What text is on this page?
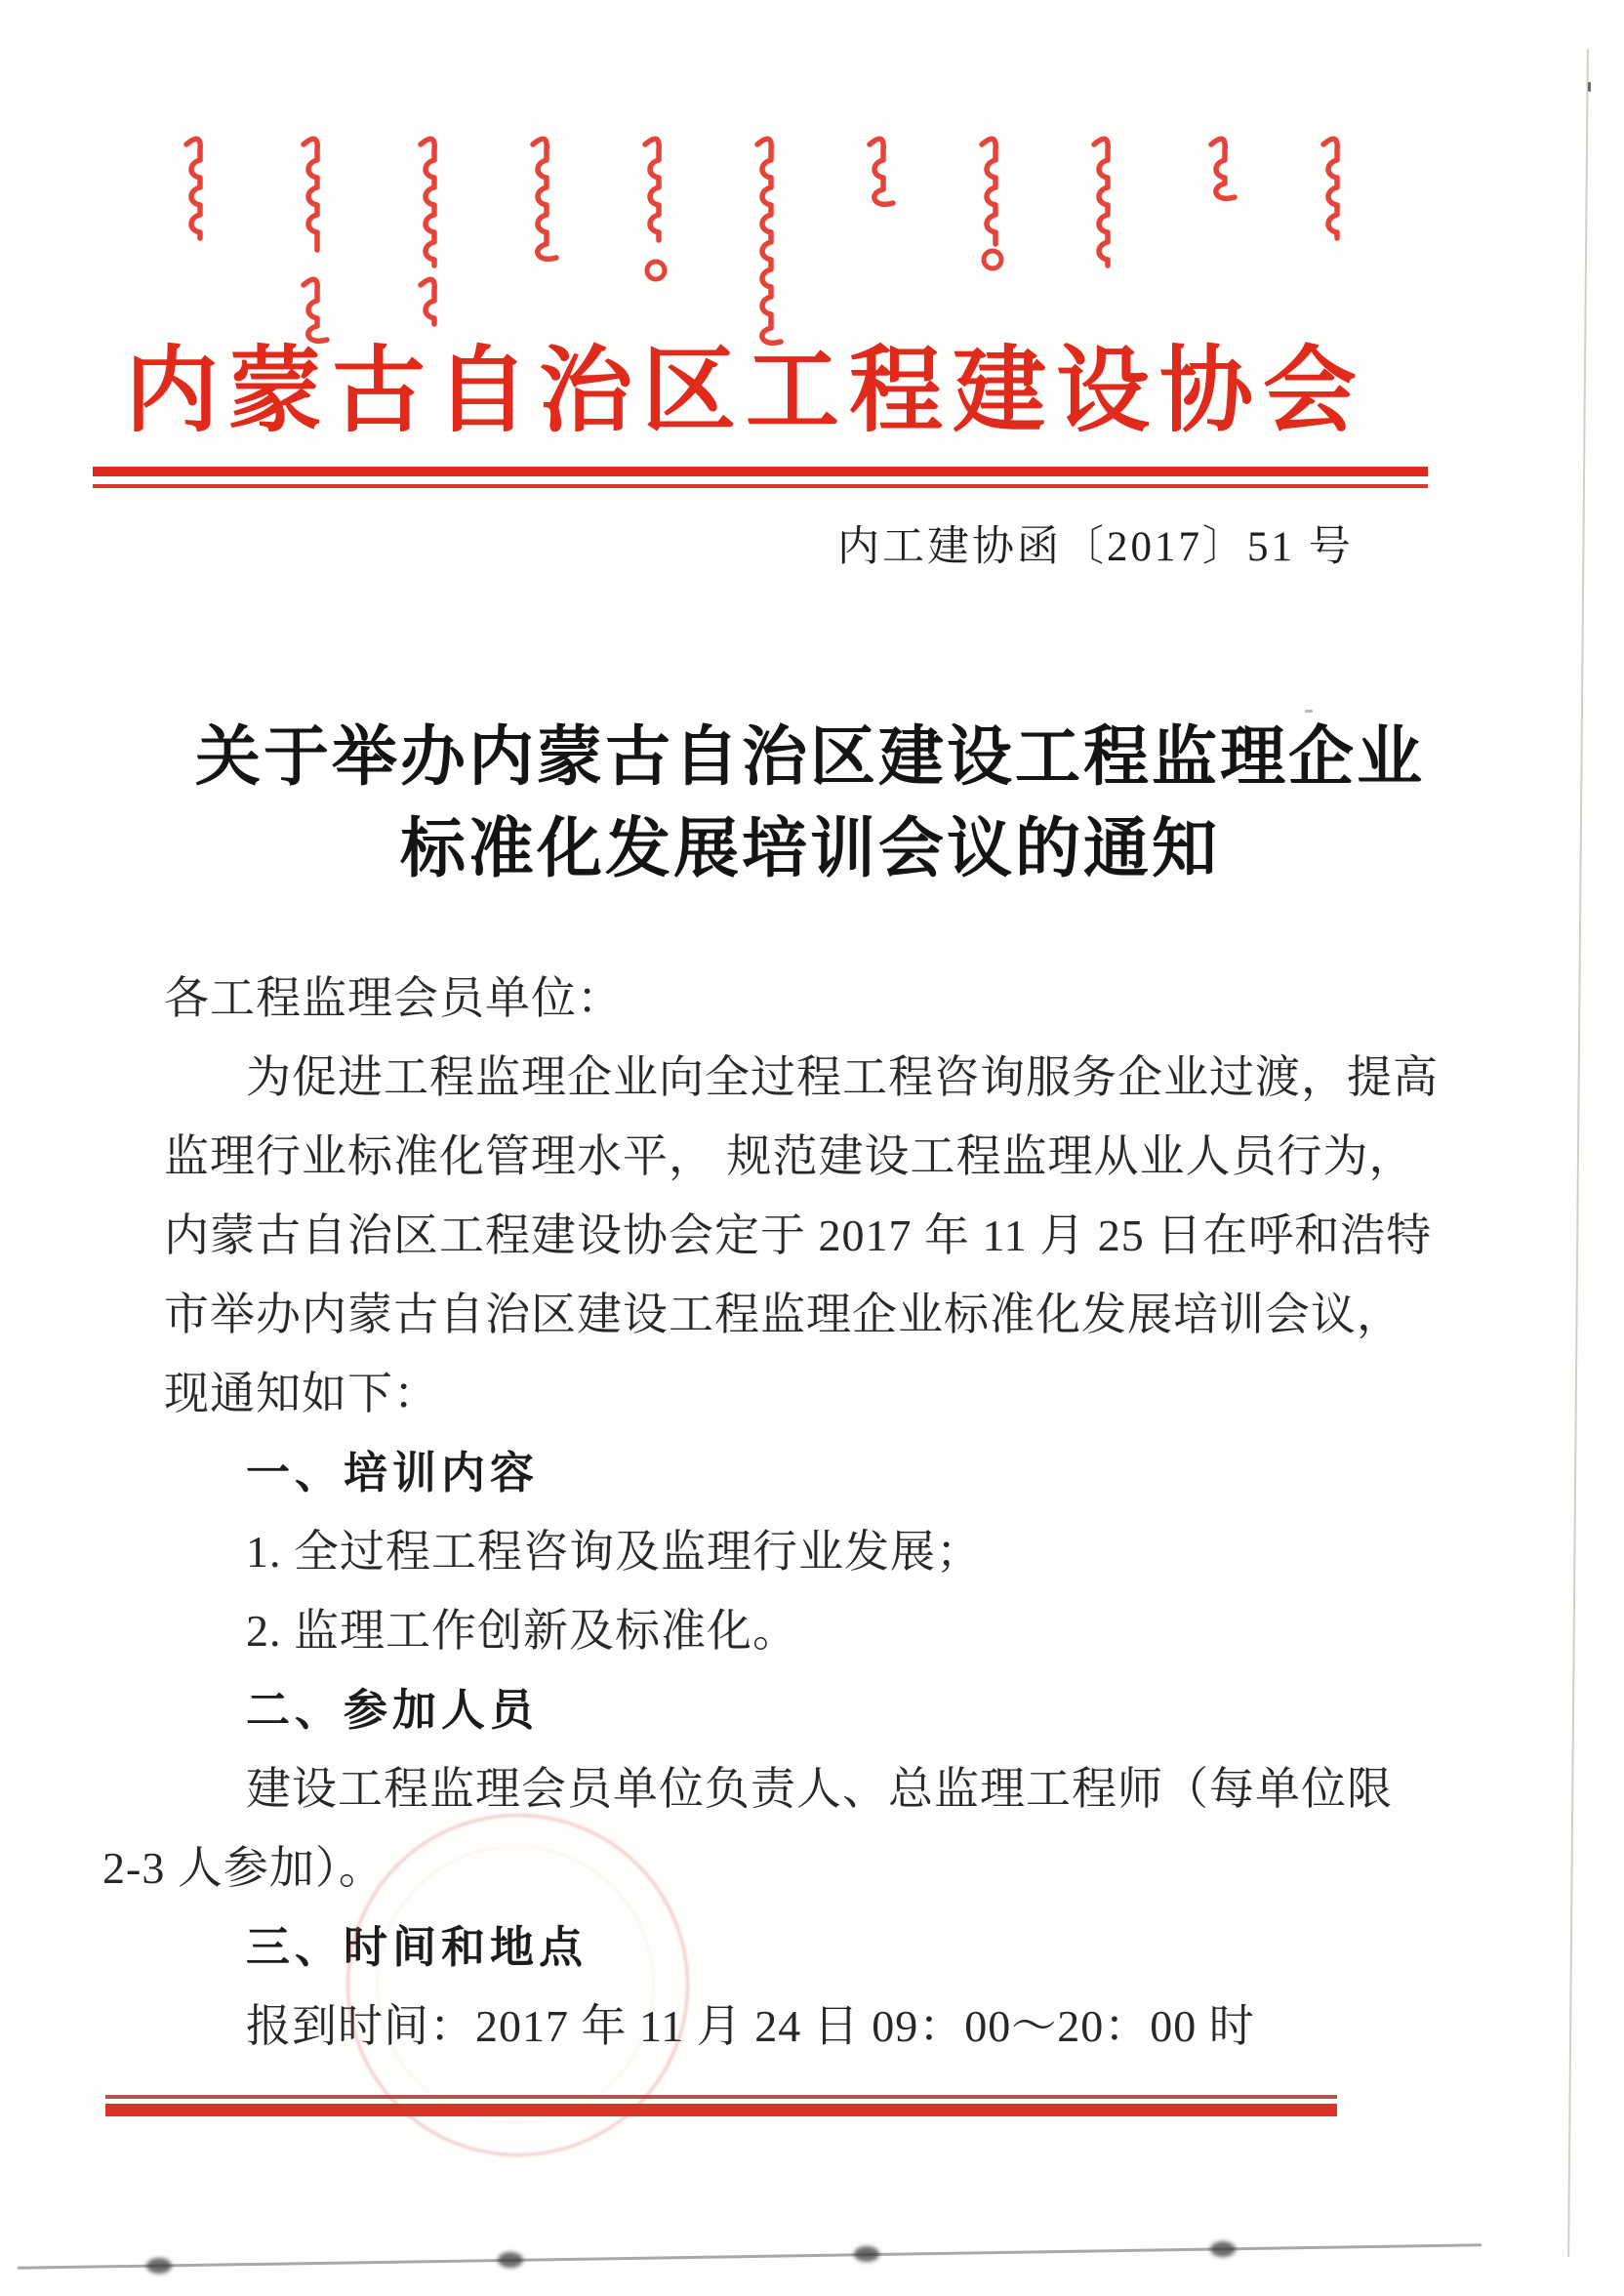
内蒙古自治区工程建设协会
内工建协函〔2017〕51 号
关于举办内蒙古自治区建设工程监理企业
标准化发展培训会议的通知
各工程监理会员单位：
为促进工程监理企业向全过程工程咨询服务企业过渡，提高
监理行业标准化管理水平， 规范建设工程监理从业人员行为，
内蒙古自治区工程建设协会定于 2017 年 11 月 25 日在呼和浩特
市举办内蒙古自治区建设工程监理企业标准化发展培训会议，
现通知如下：
一、培训内容
1. 全过程工程咨询及监理行业发展；
2. 监理工作创新及标准化。
二、参加人员
建设工程监理会员单位负责人、总监理工程师（每单位限
2-3 人参加）。
三、时间和地点
报到时间：2017 年 11 月 24 日 09：00～20：00 时
